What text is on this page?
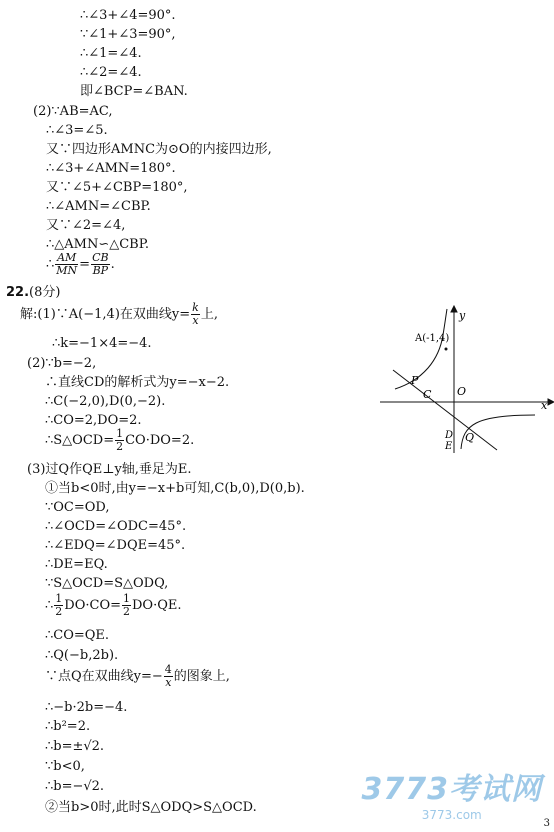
∴∠3+∠4=90°.
∵∠1+∠3=90°,
∴∠1=∠4.
∴∠2=∠4.
即∠BCP=∠BAN.
(2)∵AB=AC,
∴∠3=∠5.
又∵四边形AMNC为⊙O的内接四边形,
∴∠3+∠AMN=180°.
又∵∠5+∠CBP=180°,
∴∠AMN=∠CBP.
又∵∠2=∠4,
∴△AMN∽△CBP.
∴ $\frac{AM}{MN} = \frac{CB}{BP}$ .
22.(8分)
解:(1)∵A(−1,4)在双曲线$y= \frac{k}{x}$ 上,
∴k=−1×4=−4.
(2)∵b=−2,
∴直线CD的解析式为y=−x−2.
∴C(−2,0),D(0,−2).
∴CO=2,DO=2.
∴S△OCD= $\frac{1}{2} CO\cdot DO=2$.
(3)过Q作QE⊥y轴,垂足为E.
①当b<0时,由y=−x+b可知,C(b,0),D(0,b).
∵OC=OD,
∴∠OCD=∠ODC=45°.
∴∠EDQ=∠DQE=45°.
∴DE=EQ.
∵S△OCD=S△ODQ,
∴ $\frac{1}{2} DO\cdot CO= \frac{1}{2} DO\cdot QE$.
∴CO=QE.
∴Q(−b,2b).
∵点Q在双曲线$y=- \frac{4}{x}$ 的图象上,
∴−b·2b=−4.
∴b²=2.
∴b=±√2.
∵b<0,
∴b=−√2.
②当b>0时,此时S△ODQ>S△OCD.
A(-1,4)
y
x
O
P
C
D
E
Q
3773考试网
3773.com
3
